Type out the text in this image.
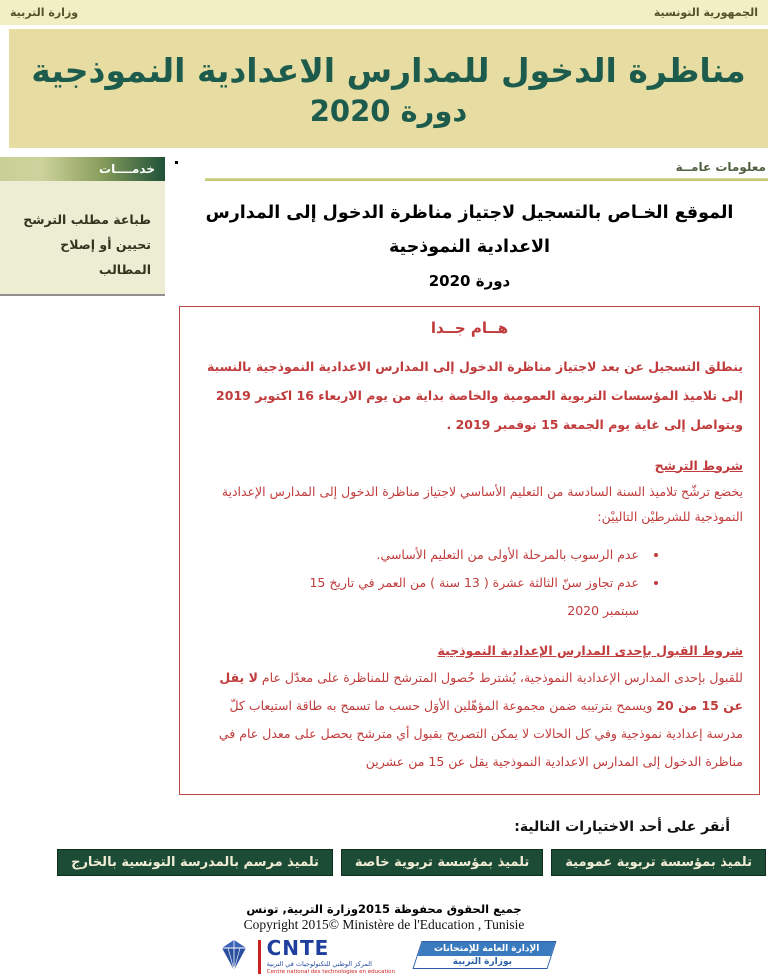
الجمهورية التونسية
وزارة التربية
مناظرة الدخول للمدارس الاعدادية النموذجية
دورة 2020
معلومات عامــة
الموقع الخـاص بالتسجيل لاجتياز مناظرة الدخول إلى المدارس الاعدادية النموذجية
دورة 2020
هــام جــدا

ينطلق التسجيل عن بعد لاجتياز مناظرة الدخول إلى المدارس الاعدادية النموذجية بالنسبة إلى تلاميذ المؤسسات التربوية العمومية والخاصة بداية من يوم الاربعاء 16 اكتوبر 2019 ويتواصل إلى غاية يوم الجمعة 15 نوفمبر 2019 .

شروط الترشح

يخضع ترشّح تلاميذ السنة السادسة من التعليم الأساسي لاجتياز مناظرة الدخول إلى المدارس الإعدادية النموذجية للشرطيْن التالييْن:

• عدم الرسوب بالمرحلة الأولى من التعليم الأساسي.
• عدم تجاوز سنّ الثالثة عشرة ( 13 سنة ) من العمر في تاريخ 15 سبتمبر 2020
شروط القبول بإحدى المدارس الإعدادية النموذجية

للقبول بإحدى المدارس الإعدادية النموذجية، يُشترط حُصول المترشح للمناظرة على معدّل عام لا يقل عن 15 من 20 ويسمح بترتيبه ضمن مجموعة المؤهّلين الأوَل حسب ما تسمح به طاقة استيعاب كلّ مدرسة إعدادية نموذجية وفي كل الحالات لا يمكن التصريح بقبول أي مترشح يحصل على معدل عام في مناظرة الدخول إلى المدارس الاعدادية النموذجية يقل عن 15 من عشرين

أنقر على أحد الاختيارات التالية:
تلميذ بمؤسسة تربوية عمومية
تلميذ بمؤسسة تربوية خاصة
تلميذ مرسم بالمدرسة التونسية بالخارج
خدمــــات
طباعة مطلب الترشح
تحيين أو إصلاح المطالب
جميع الحقوق محفوظة 2015وزارة التربية, تونس
Copyright 2015© Ministère de l'Education , Tunisie
CNTE
المركز الوطني للتكنولوجيات في التربية
Centre national des technologies en éducation
الإدارة العامة للإمتحانات
بوزارة التربية
